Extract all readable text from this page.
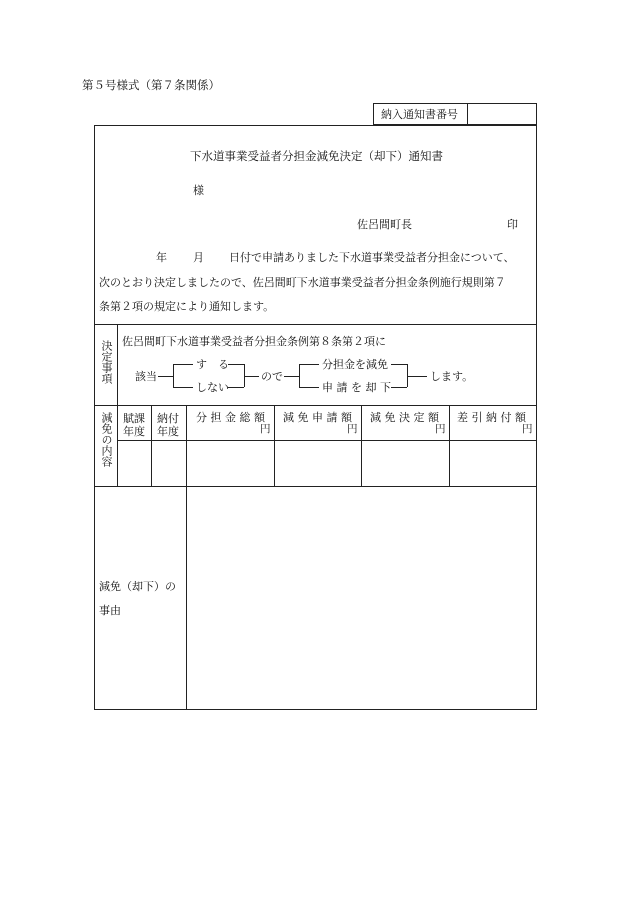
第５号様式（第７条関係）
納入通知書番号
下水道事業受益者分担金減免決定（却下）通知書
様
佐呂間町長	印
年 月 日付で申請ありました下水道事業受益者分担金について、
次のとおり決定しましたので、佐呂間町下水道事業受益者分担金条例施行規則第７
条第２項の規定により通知します。
決定事項 佐呂間町下水道事業受益者分担金条例第８条第２項に
該当
す　る
しない
ので
分担金を減免
申 請 を 却 下
します。
減免の内容 賦課年度
納付年度
分 担 金 総 額
円
減 免 申 請 額
円
減 免 決 定 額
円
差 引 納 付 額
円
減免（却下）の
事由
